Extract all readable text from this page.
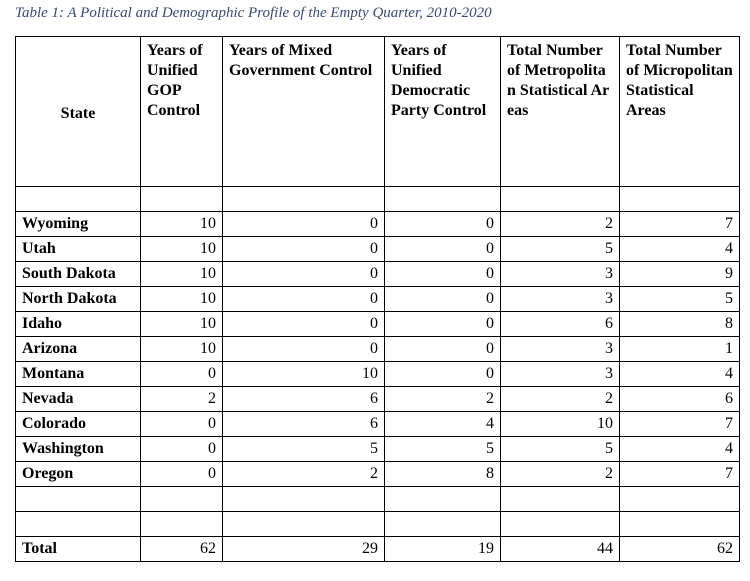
Table 1: A Political and Demographic Profile of the Empty Quarter, 2010-2020
State	Years of Unified GOP Control	Years of Mixed Government Control	Years of Unified Democratic Party Control	Total Number of Metropolitan Statistical Areas	Total Number of Micropolitan Statistical Areas

Wyoming	10	0	0	2	7
Utah	10	0	0	5	4
South Dakota	10	0	0	3	9
North Dakota	10	0	0	3	5
Idaho	10	0	0	6	8
Arizona	10	0	0	3	1
Montana	0	10	0	3	4
Nevada	2	6	2	2	6
Colorado	0	6	4	10	7
Washington	0	5	5	5	4
Oregon	0	2	8	2	7

Total	62	29	19	44	62
